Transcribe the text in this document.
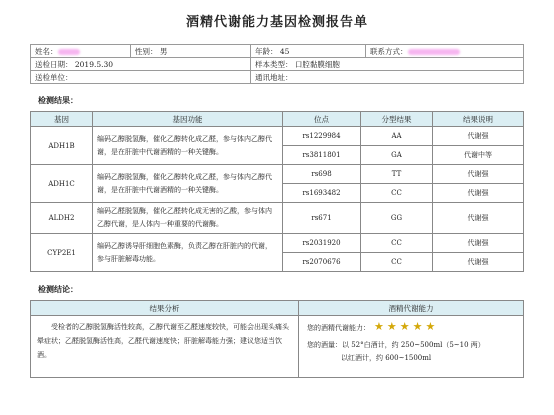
酒精代谢能力基因检测报告单
姓名：	性别： 男	年龄： 45	联系方式：
送检日期： 2019.5.30		样本类型： 口腔黏膜细胞	
送检单位：		通讯地址：	
检测结果：
基因	基因功能	位点	分型结果	结果说明
ADH1B	编码乙醇脱氢酶，催化乙醇转化成乙醛，参与体内乙醇代谢，是在肝脏中代谢酒精的一种关键酶。	rs1229984	AA	代谢强
		rs3811801	GA	代谢中等
ADH1C	编码乙醇脱氢酶，催化乙醇转化成乙醛，参与体内乙醇代谢，是在肝脏中代谢酒精的一种关键酶。	rs698	TT	代谢强
		rs1693482	CC	代谢强
ALDH2	编码乙醛脱氢酶，催化乙醛转化成无害的乙酸，参与体内乙醇代谢，是人体内一种重要的代谢酶。	rs671	GG	代谢强
CYP2E1	编码乙醇诱导肝细胞色素酶，负责乙醇在肝脏内的代谢，参与肝脏解毒功能。	rs2031920	CC	代谢强
		rs2070676	CC	代谢强
检测结论：
结果分析	酒精代谢能力
受检者的乙醇脱氢酶活性较高，乙醇代谢至乙醛速度较快，可能会出现头痛头晕症状；乙醛脱氢酶活性高，乙醛代谢速度快；肝脏解毒能力强；建议您适当饮酒。	您的酒精代谢能力： ★★★★★
您的酒量：以 52°白酒计，约 250~500ml（5~10 两）
以红酒计，约 600~1500ml
